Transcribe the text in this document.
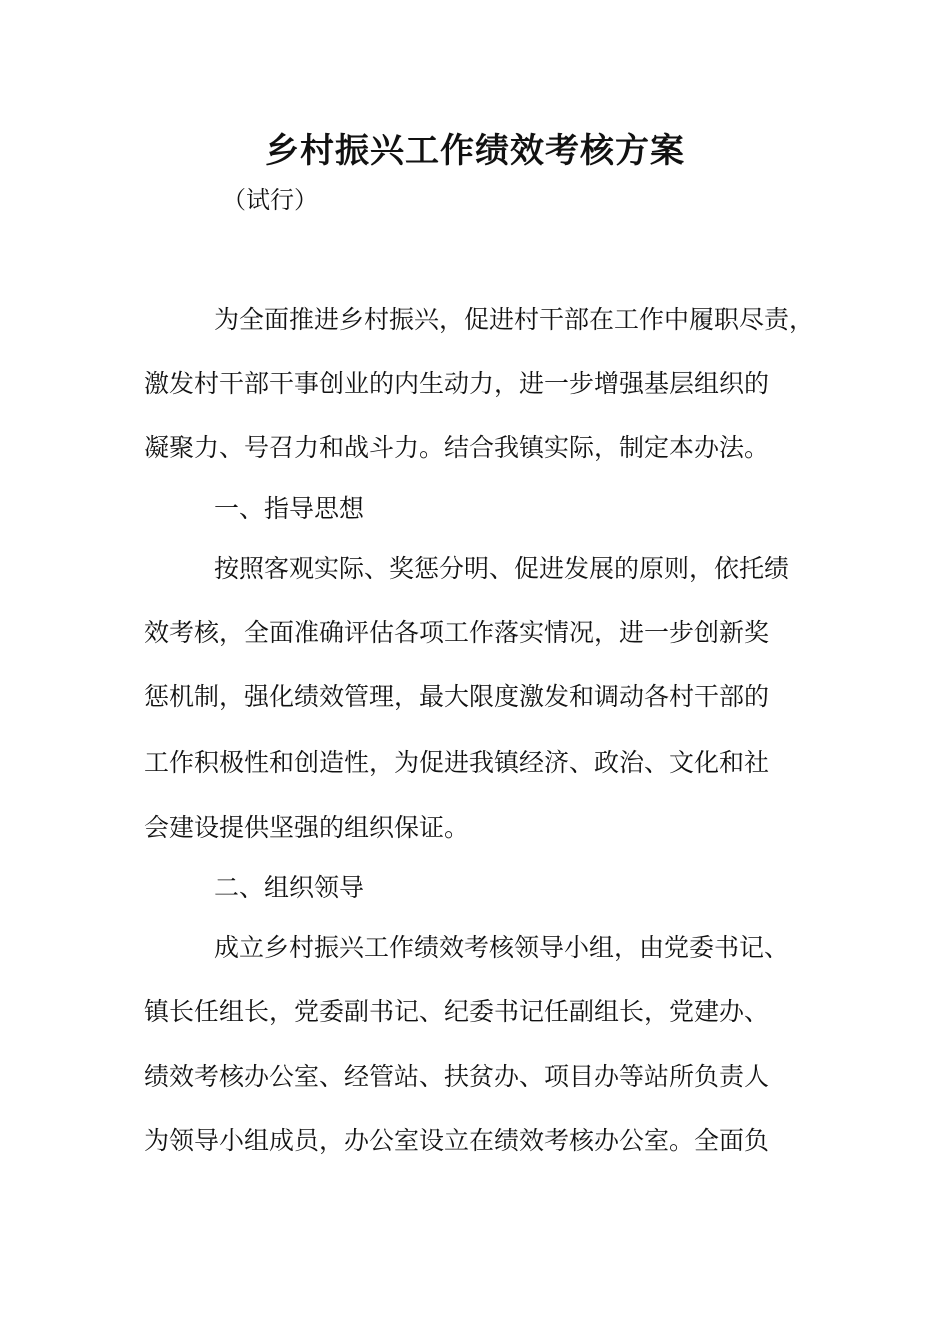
乡村振兴工作绩效考核方案
（试行）
为全面推进乡村振兴，促进村干部在工作中履职尽责，
激发村干部干事创业的内生动力，进一步增强基层组织的
凝聚力、号召力和战斗力。结合我镇实际，制定本办法。
一、指导思想
按照客观实际、奖惩分明、促进发展的原则，依托绩
效考核，全面准确评估各项工作落实情况，进一步创新奖
惩机制，强化绩效管理，最大限度激发和调动各村干部的
工作积极性和创造性，为促进我镇经济、政治、文化和社
会建设提供坚强的组织保证。
二、组织领导
成立乡村振兴工作绩效考核领导小组，由党委书记、
镇长任组长，党委副书记、纪委书记任副组长，党建办、
绩效考核办公室、经管站、扶贫办、项目办等站所负责人
为领导小组成员，办公室设立在绩效考核办公室。全面负
